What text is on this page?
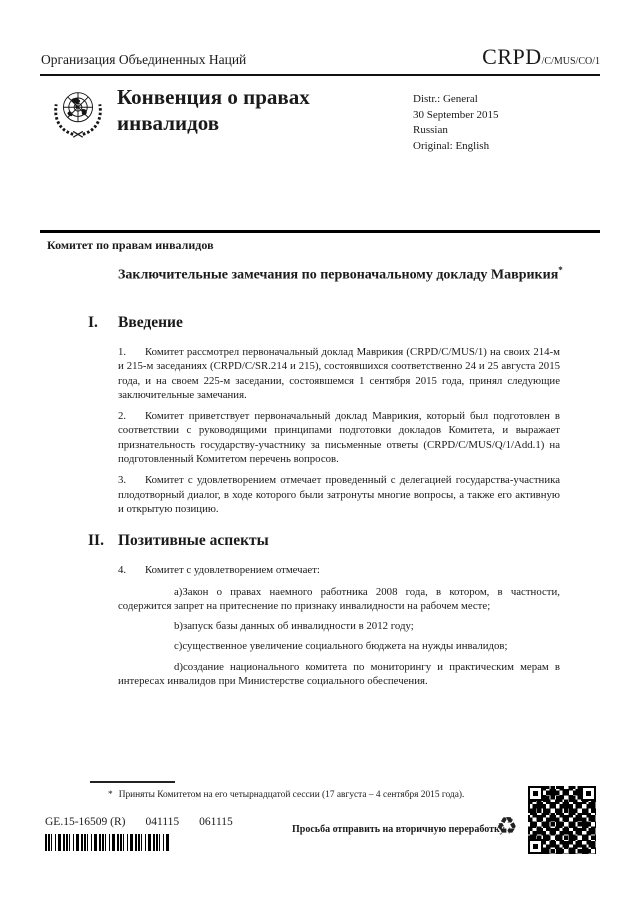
Организация Объединенных Наций	CRPD/C/MUS/CO/1
Конвенция о правах инвалидов
Distr.: General
30 September 2015
Russian
Original: English
Комитет по правам инвалидов
Заключительные замечания по первоначальному докладу Маврикия*
I.	Введение

1. Комитет рассмотрел первоначальный доклад Маврикия (CRPD/C/MUS/1) на своих 214-м и 215-м заседаниях (CRPD/C/SR.214 и 215), состоявшихся соответственно 24 и 25 августа 2015 года, и на своем 225-м заседании, состоявшемся 1 сентября 2015 года, принял следующие заключительные замечания.

2. Комитет приветствует первоначальный доклад Маврикия, который был подготовлен в соответствии с руководящими принципами подготовки докладов Комитета, и выражает признательность государству-участнику за письменные ответы (CRPD/C/MUS/Q/1/Add.1) на подготовленный Комитетом перечень вопросов.

3. Комитет с удовлетворением отмечает проведенный с делегацией государства-участника плодотворный диалог, в ходе которого были затронуты многие вопросы, а также его активную и открытую позицию.

II. Позитивные аспекты

4. Комитет с удовлетворением отмечает:

a)Закон о правах наемного работника 2008 года, в котором, в частности, содержится запрет на притеснение по признаку инвалидности на рабочем месте;

b)запуск базы данных об инвалидности в 2012 году;

c)существенное увеличение социального бюджета на нужды инвалидов;

d)создание национального комитета по мониторингу и практическим мерам в интересах инвалидов при Министерстве социального обеспечения.

* Приняты Комитетом на его четырнадцатой сессии (17 августа – 4 сентября 2015 года).
GE.15-16509 (R) 041115 061115
Просьба отправить на вторичную переработку
♻
